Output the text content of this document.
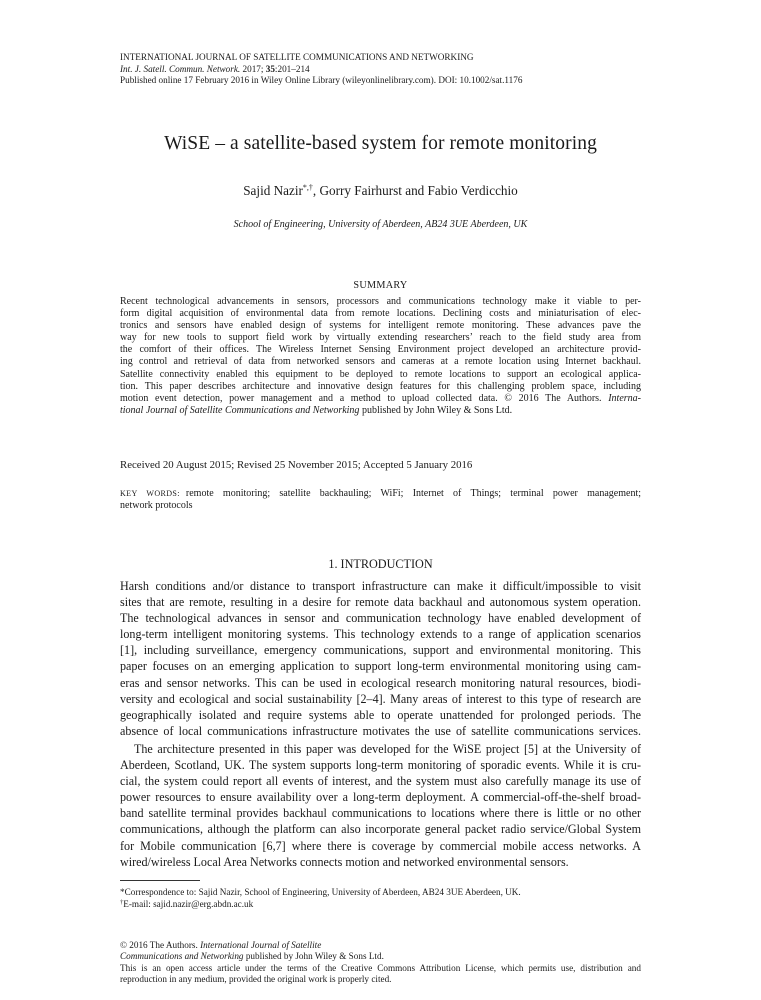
INTERNATIONAL JOURNAL OF SATELLITE COMMUNICATIONS AND NETWORKING
Int. J. Satell. Commun. Network. 2017; 35:201–214
Published online 17 February 2016 in Wiley Online Library (wileyonlinelibrary.com). DOI: 10.1002/sat.1176
WiSE – a satellite-based system for remote monitoring
Sajid Nazir*,†, Gorry Fairhurst and Fabio Verdicchio
School of Engineering, University of Aberdeen, AB24 3UE Aberdeen, UK
SUMMARY
Recent technological advancements in sensors, processors and communications technology make it viable to per-
form digital acquisition of environmental data from remote locations. Declining costs and miniaturisation of elec-
tronics and sensors have enabled design of systems for intelligent remote monitoring. These advances pave the
way for new tools to support field work by virtually extending researchers’ reach to the field study area from
the comfort of their offices. The Wireless Internet Sensing Environment project developed an architecture provid-
ing control and retrieval of data from networked sensors and cameras at a remote location using Internet backhaul.
Satellite connectivity enabled this equipment to be deployed to remote locations to support an ecological applica-
tion. This paper describes architecture and innovative design features for this challenging problem space, including
motion event detection, power management and a method to upload collected data. © 2016 The Authors. Interna-
tional Journal of Satellite Communications and Networking published by John Wiley & Sons Ltd.
Received 20 August 2015; Revised 25 November 2015; Accepted 5 January 2016
KEY WORDS: remote monitoring; satellite backhauling; WiFi; Internet of Things; terminal power management;
network protocols
1. INTRODUCTION
Harsh conditions and/or distance to transport infrastructure can make it difficult/impossible to visit
sites that are remote, resulting in a desire for remote data backhaul and autonomous system operation.
The technological advances in sensor and communication technology have enabled development of
long-term intelligent monitoring systems. This technology extends to a range of application scenarios
[1], including surveillance, emergency communications, support and environmental monitoring. This
paper focuses on an emerging application to support long-term environmental monitoring using cam-
eras and sensor networks. This can be used in ecological research monitoring natural resources, biodi-
versity and ecological and social sustainability [2–4]. Many areas of interest to this type of research are
geographically isolated and require systems able to operate unattended for prolonged periods. The
absence of local communications infrastructure motivates the use of satellite communications services.
The architecture presented in this paper was developed for the WiSE project [5] at the University of
Aberdeen, Scotland, UK. The system supports long-term monitoring of sporadic events. While it is cru-
cial, the system could report all events of interest, and the system must also carefully manage its use of
power resources to ensure availability over a long-term deployment. A commercial-off-the-shelf broad-
band satellite terminal provides backhaul communications to locations where there is little or no other
communications, although the platform can also incorporate general packet radio service/Global System
for Mobile communication [6,7] where there is coverage by commercial mobile access networks. A
wired/wireless Local Area Networks connects motion and networked environmental sensors.
*Correspondence to: Sajid Nazir, School of Engineering, University of Aberdeen, AB24 3UE Aberdeen, UK.
†E-mail: sajid.nazir@erg.abdn.ac.uk
© 2016 The Authors. International Journal of Satellite
Communications and Networking published by John Wiley & Sons Ltd.
This is an open access article under the terms of the Creative Commons Attribution License, which permits use, distribution and
reproduction in any medium, provided the original work is properly cited.
